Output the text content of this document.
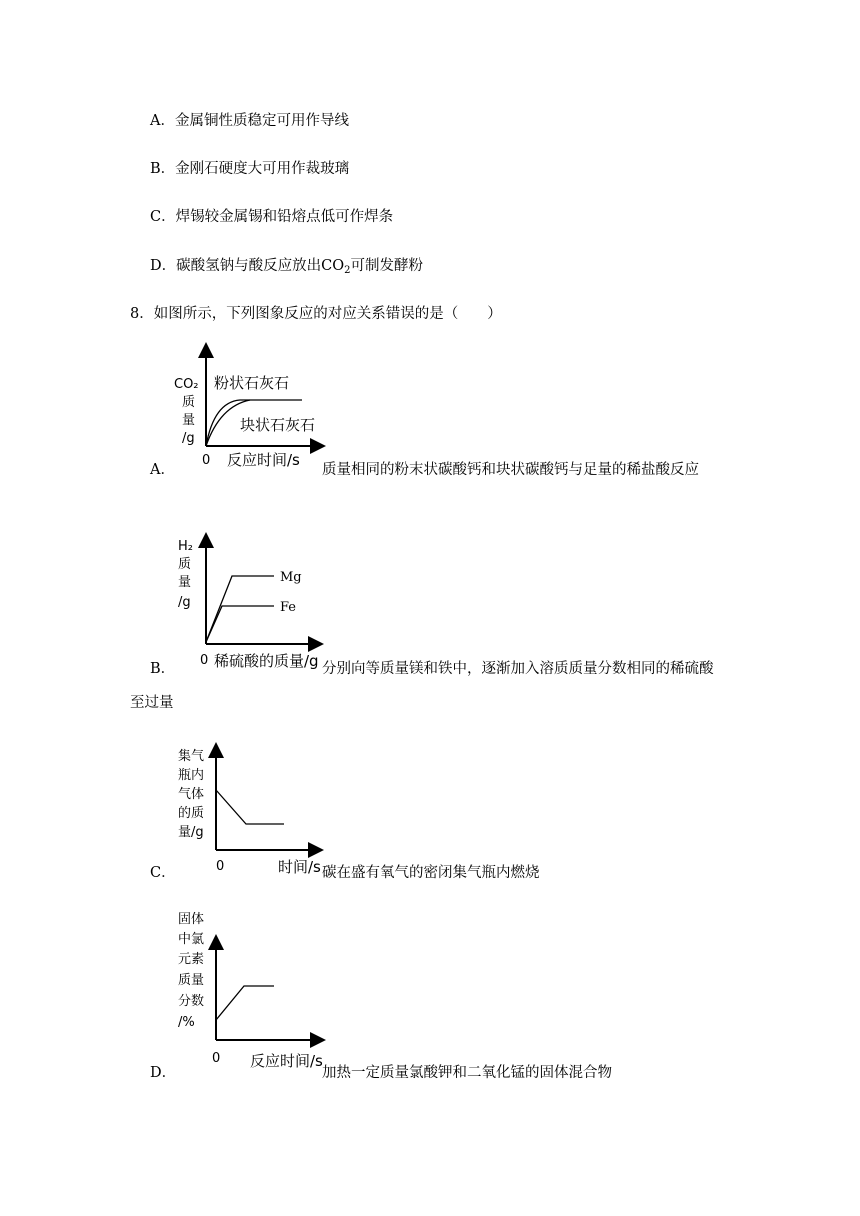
A．金属铜性质稳定可用作导线
B．金刚石硬度大可用作裁玻璃
C．焊锡较金属锡和铅熔点低可作焊条
D．碳酸氢钠与酸反应放出$CO_2$可制发酵粉
8．如图所示，下列图象反应的对应关系错误的是（　　）
CO₂
质
量
/g
0 反应时间/s
粉状石灰石
块状石灰石
A．	质量相同的粉末状碳酸钙和块状碳酸钙与足量的稀盐酸反应
H₂
质
量
/g
0 稀硫酸的质量/g
Mg
Fe
B．	分别向等质量镁和铁中，逐渐加入溶质质量分数相同的稀硫酸
至过量
集气
瓶内
气体
的质
量/g
0	时间/s
C．	碳在盛有氧气的密闭集气瓶内燃烧
固体
中氯
元素
质量
分数
/%
0 反应时间/s
D．	加热一定质量氯酸钾和二氧化锰的固体混合物
